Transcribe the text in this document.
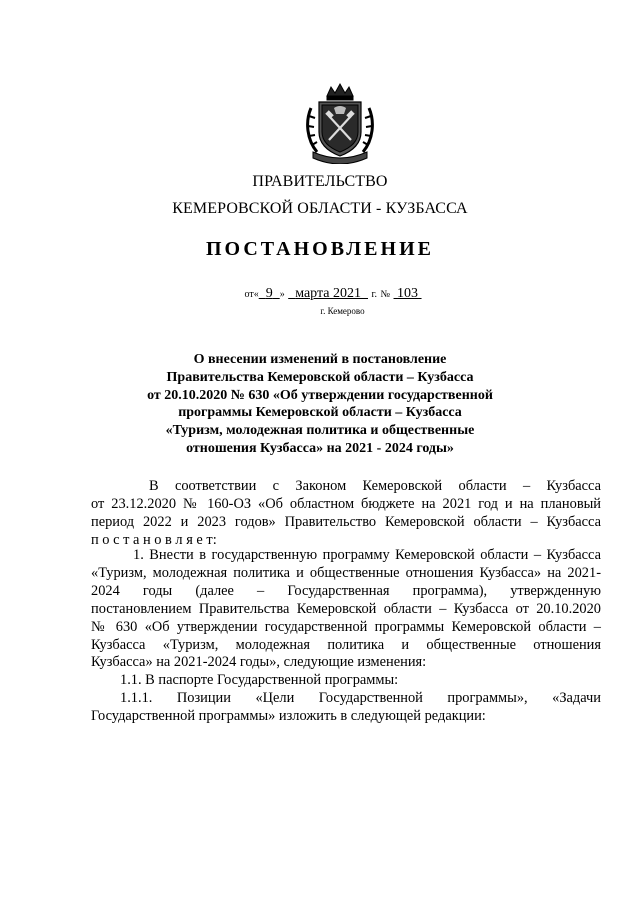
ПРАВИТЕЛЬСТВО
КЕМЕРОВСКОЙ ОБЛАСТИ - КУЗБАССА
ПОСТАНОВЛЕНИЕ
от« 9 » марта 2021 г. № 103
г. Кемерово
О внесении изменений в постановление
Правительства Кемеровской области – Кузбасса
от 20.10.2020 № 630 «Об утверждении государственной
программы Кемеровской области – Кузбасса
«Туризм, молодежная политика и общественные
отношения Кузбасса» на 2021 - 2024 годы»

В соответствии с Законом Кемеровской области – Кузбасса

от 23.12.2020 № 160-ОЗ «Об областном бюджете на 2021 год и на плановый

период 2022 и 2023 годов» Правительство Кемеровской области – Кузбасса

п о с т а н о в л я е т:

1. Внести в государственную программу Кемеровской области – Кузбасса

«Туризм, молодежная политика и общественные отношения Кузбасса» на 2021-

2024 годы (далее – Государственная программа), утвержденную

постановлением Правительства Кемеровской области – Кузбасса от 20.10.2020

№ 630 «Об утверждении государственной программы Кемеровской области –

Кузбасса «Туризм, молодежная политика и общественные отношения

Кузбасса» на 2021-2024 годы», следующие изменения:

1.1. В паспорте Государственной программы:

1.1.1. Позиции «Цели Государственной программы», «Задачи

Государственной программы» изложить в следующей редакции:
